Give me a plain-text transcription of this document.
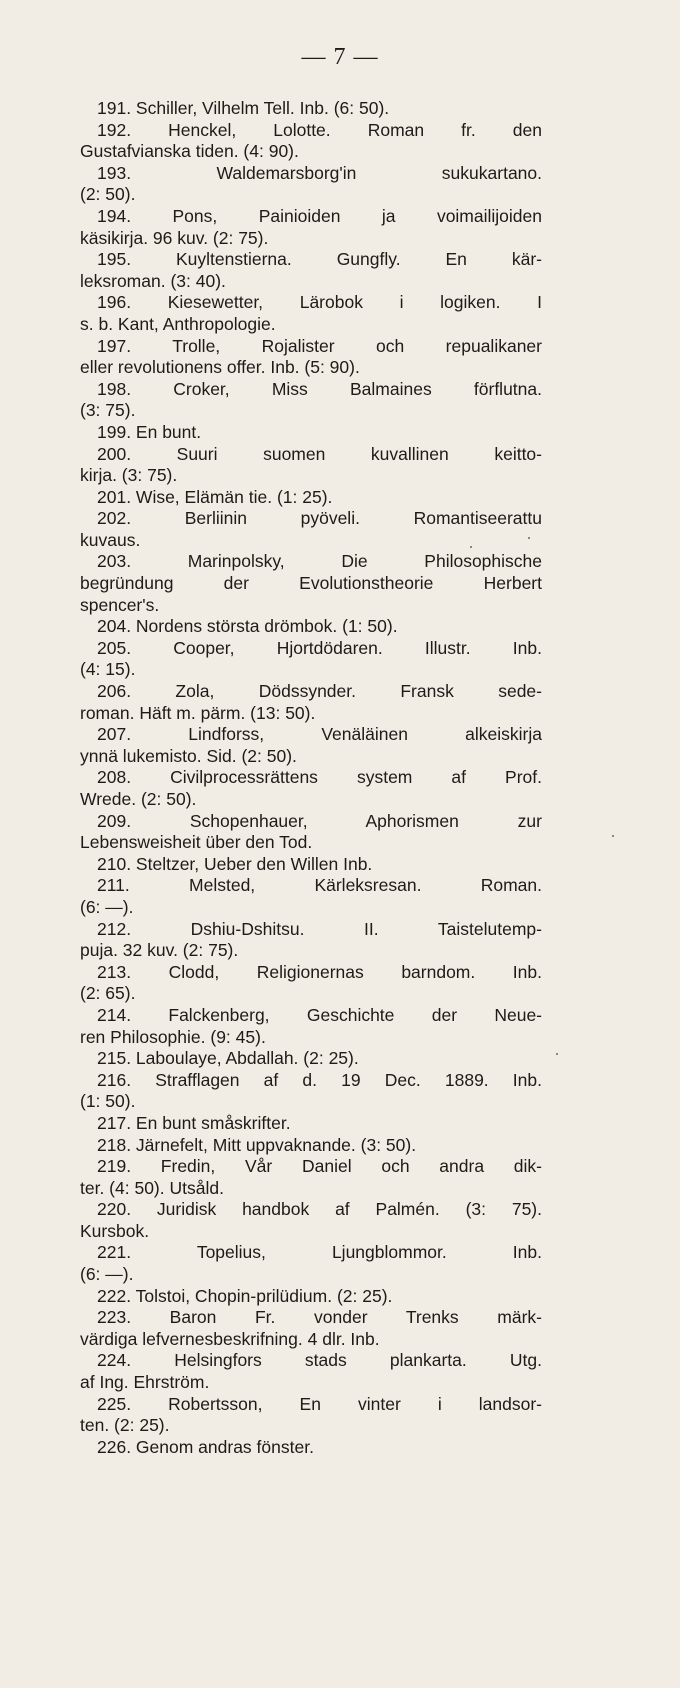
— 7 —
191. Schiller, Vilhelm Tell. Inb. (6: 50).
192. Henckel, Lolotte. Roman fr. den
Gustafvianska tiden. (4: 90).
193. Waldemarsborg'in sukukartano.
(2: 50).
194. Pons, Painioiden ja voimailijoiden
käsikirja. 96 kuv. (2: 75).
195. Kuyltenstierna. Gungfly. En kär-
leksroman. (3: 40).
196. Kiesewetter, Lärobok i logiken. I
s. b. Kant, Anthropologie.
197. Trolle, Rojalister och repualikaner
eller revolutionens offer. Inb. (5: 90).
198. Croker, Miss Balmaines förflutna.
(3: 75).
199. En bunt.
200. Suuri suomen kuvallinen keitto-
kirja. (3: 75).
201. Wise, Elämän tie. (1: 25).
202. Berliinin pyöveli. Romantiseerattu
kuvaus.
203. Marinpolsky, Die Philosophische
begründung der Evolutionstheorie Herbert
spencer's.
204. Nordens största drömbok. (1: 50).
205. Cooper, Hjortdödaren. Illustr. Inb.
(4: 15).
206. Zola, Dödssynder. Fransk sede-
roman. Häft m. pärm. (13: 50).
207. Lindforss, Venäläinen alkeiskirja
ynnä lukemisto. Sid. (2: 50).
208. Civilprocessrättens system af Prof.
Wrede. (2: 50).
209. Schopenhauer, Aphorismen zur
Lebensweisheit über den Tod.
210. Steltzer, Ueber den Willen Inb.
211. Melsted, Kärleksresan. Roman.
(6: —).
212. Dshiu-Dshitsu. II. Taistelutemp-
puja. 32 kuv. (2: 75).
213. Clodd, Religionernas barndom. Inb.
(2: 65).
214. Falckenberg, Geschichte der Neue-
ren Philosophie. (9: 45).
215. Laboulaye, Abdallah. (2: 25).
216. Strafflagen af d. 19 Dec. 1889. Inb.
(1: 50).
217. En bunt småskrifter.
218. Järnefelt, Mitt uppvaknande. (3: 50).
219. Fredin, Vår Daniel och andra dik-
ter. (4: 50). Utsåld.
220. Juridisk handbok af Palmén. (3: 75).
Kursbok.
221. Topelius, Ljungblommor. Inb.
(6: —).
222. Tolstoi, Chopin-prilüdium. (2: 25).
223. Baron Fr. vonder Trenks märk-
värdiga lefvernesbeskrifning. 4 dlr. Inb.
224. Helsingfors stads plankarta. Utg.
af Ing. Ehrström.
225. Robertsson, En vinter i landsor-
ten. (2: 25).
226. Genom andras fönster.
